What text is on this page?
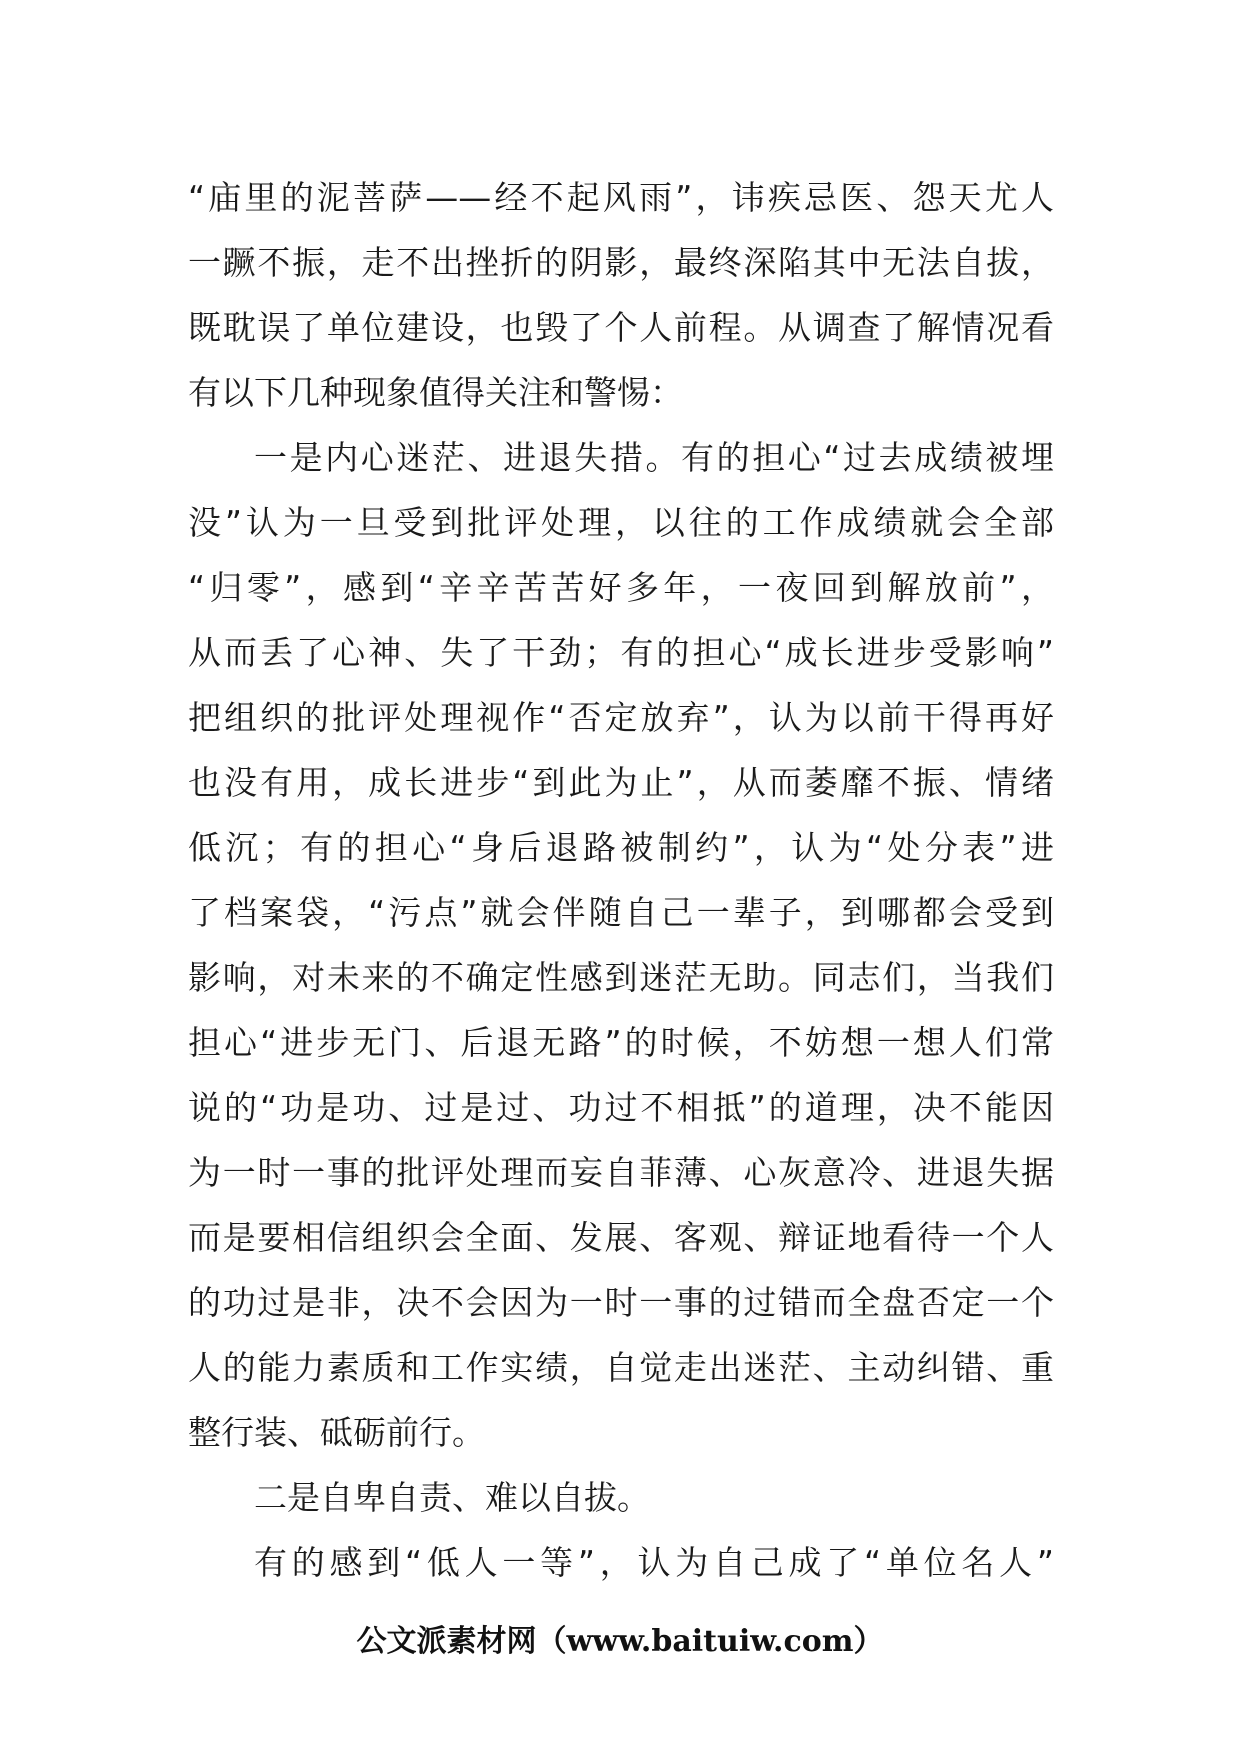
“庙里的泥菩萨——经不起风雨”，讳疾忌医、怨天尤人
一蹶不振，走不出挫折的阴影，最终深陷其中无法自拔，
既耽误了单位建设，也毁了个人前程。从调查了解情况看
有以下几种现象值得关注和警惕：
一是内心迷茫、进退失措。有的担心“过去成绩被埋
没”认为一旦受到批评处理，以往的工作成绩就会全部
“归零”，感到“辛辛苦苦好多年，一夜回到解放前”，
从而丢了心神、失了干劲；有的担心“成长进步受影响”
把组织的批评处理视作“否定放弃”，认为以前干得再好
也没有用，成长进步“到此为止”，从而萎靡不振、情绪
低沉；有的担心“身后退路被制约”，认为“处分表”进
了档案袋，“污点”就会伴随自己一辈子，到哪都会受到
影响，对未来的不确定性感到迷茫无助。同志们，当我们
担心“进步无门、后退无路”的时候，不妨想一想人们常
说的“功是功、过是过、功过不相抵”的道理，决不能因
为一时一事的批评处理而妄自菲薄、心灰意冷、进退失据
而是要相信组织会全面、发展、客观、辩证地看待一个人
的功过是非，决不会因为一时一事的过错而全盘否定一个
人的能力素质和工作实绩，自觉走出迷茫、主动纠错、重
整行装、砥砺前行。
二是自卑自责、难以自拔。
有的感到“低人一等”，认为自己成了“单位名人”
公文派素材网（www.baituiw.com）
